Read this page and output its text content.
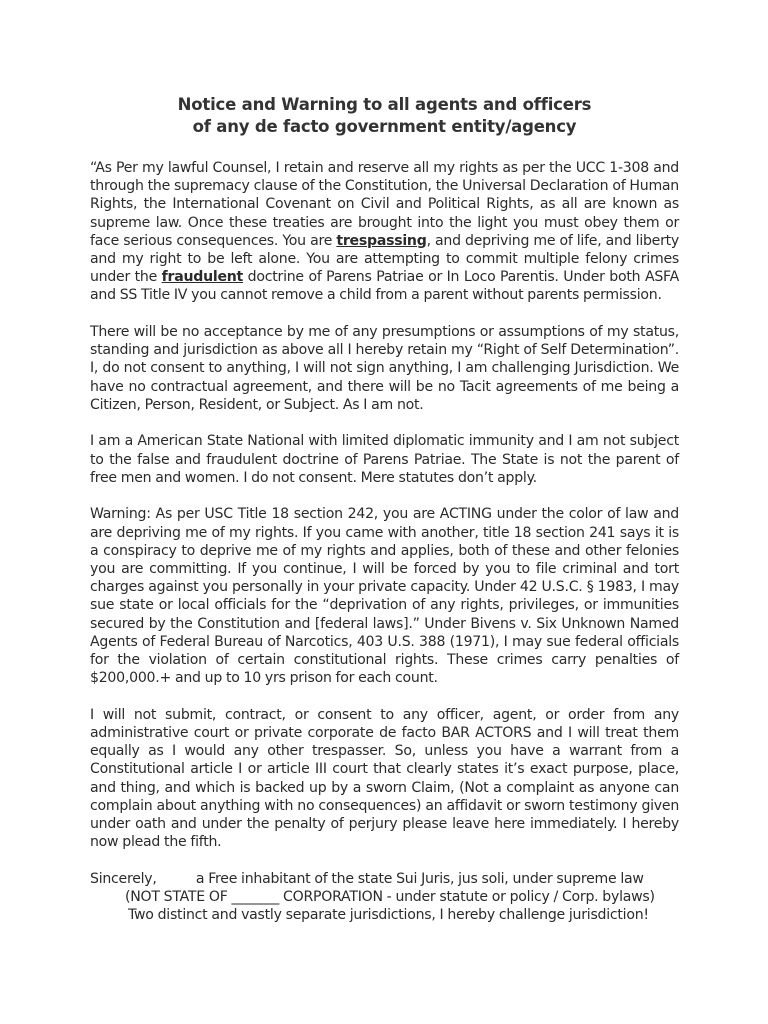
Notice and Warning to all agents and officers
of any de facto government entity/agency

“As Per my lawful Counsel, I retain and reserve all my rights as per the UCC 1-308 and through the supremacy clause of the Constitution, the Universal Declaration of Human Rights, the International Covenant on Civil and Political Rights, as all are known as supreme law. Once these treaties are brought into the light you must obey them or face serious consequences. You are trespassing, and depriving me of life, and liberty and my right to be left alone. You are attempting to commit multiple felony crimes under the fraudulent doctrine of Parens Patriae or In Loco Parentis. Under both ASFA and SS Title IV you cannot remove a child from a parent without parents permission.

There will be no acceptance by me of any presumptions or assumptions of my status, standing and jurisdiction as above all I hereby retain my “Right of Self Determination”. I, do not consent to anything, I will not sign anything, I am challenging Jurisdiction. We have no contractual agreement, and there will be no Tacit agreements of me being a Citizen, Person, Resident, or Subject. As I am not.

I am a American State National with limited diplomatic immunity and I am not subject to the false and fraudulent doctrine of Parens Patriae. The State is not the parent of free men and women. I do not consent. Mere statutes don’t apply.

Warning: As per USC Title 18 section 242, you are ACTING under the color of law and are depriving me of my rights. If you came with another, title 18 section 241 says it is a conspiracy to deprive me of my rights and applies, both of these and other felonies you are committing. If you continue, I will be forced by you to file criminal and tort charges against you personally in your private capacity. Under 42 U.S.C. § 1983, I may sue state or local officials for the “deprivation of any rights, privileges, or immunities secured by the Constitution and [federal laws].” Under Bivens v. Six Unknown Named Agents of Federal Bureau of Narcotics, 403 U.S. 388 (1971), I may sue federal officials for the violation of certain constitutional rights. These crimes carry penalties of $200,000.+ and up to 10 yrs prison for each count.

I will not submit, contract, or consent to any officer, agent, or order from any administrative court or private corporate de facto BAR ACTORS and I will treat them equally as I would any other trespasser. So, unless you have a warrant from a Constitutional article I or article III court that clearly states it’s exact purpose, place, and thing, and which is backed up by a sworn Claim, (Not a complaint as anyone can complain about anything with no consequences) an affidavit or sworn testimony given under oath and under the penalty of perjury please leave here immediately. I hereby now plead the fifth.

Sincerely,          a Free inhabitant of the state Sui Juris, jus soli, under supreme law
(NOT STATE OF _______ CORPORATION - under statute or policy / Corp. bylaws)
Two distinct and vastly separate jurisdictions, I hereby challenge jurisdiction!
